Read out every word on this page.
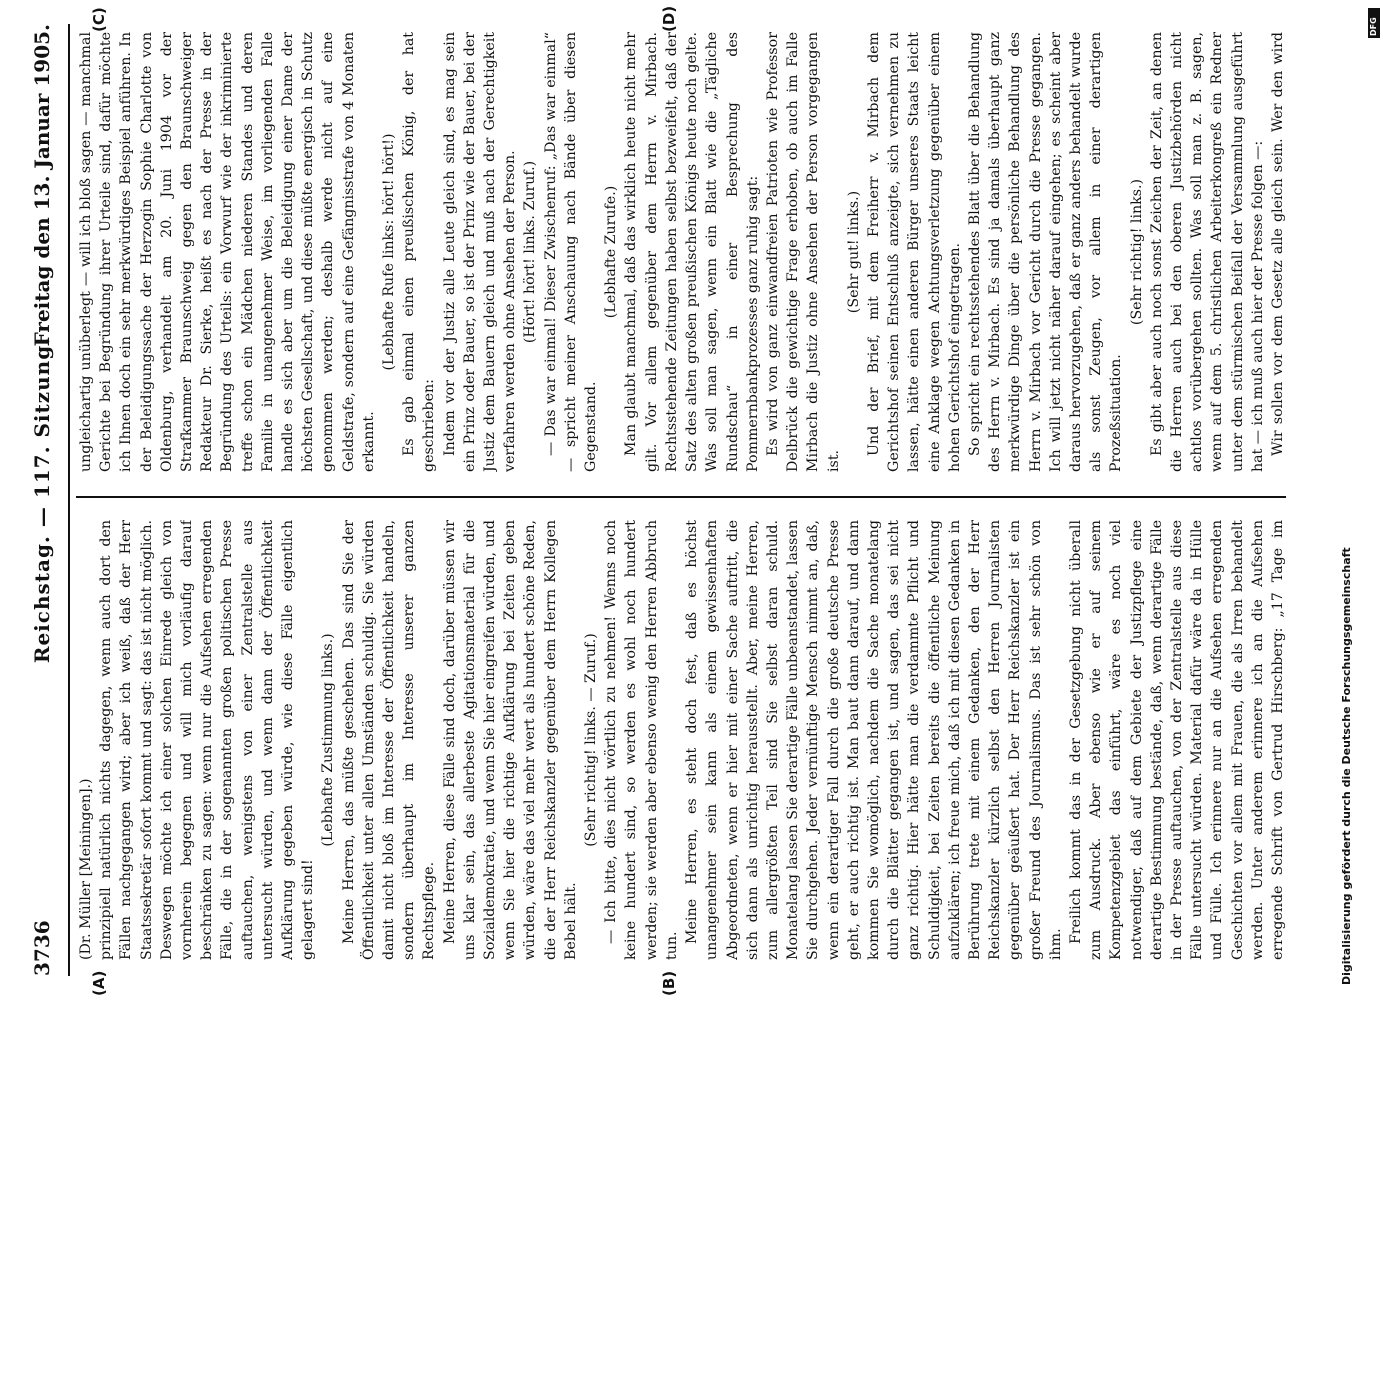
3736
Reichstag. — 117. Sitzung.
Freitag den 13. Januar 1905.

(Dr. Müller [Meiningen].) prinzipiell natürlich nichts dagegen, wenn auch dort den Fällen nachgegangen wird; aber ich weiß, daß der Herr Staatssekretär sofort kommt und sagt: das ist nicht möglich. Deswegen möchte ich einer solchen Einrede gleich von vornherein begegnen und will mich vorläufig darauf beschränken zu sagen: wenn nur die Aufsehen erregenden Fälle, die in der sogenannten großen politischen Presse auftauchen, wenigstens von einer Zentralstelle aus untersucht würden, und wenn dann der Öffentlichkeit Aufklärung gegeben würde, wie diese Fälle eigentlich gelagert sind!

(Lebhafte Zustimmung links.) Meine Herren, das müßte geschehen. Das sind Sie der Öffentlichkeit unter allen Umständen schuldig. Sie würden damit nicht bloß im Interesse der Öffentlichkeit handeln, sondern überhaupt im Interesse unserer ganzen Rechtspflege. Meine Herren, diese Fälle sind doch, darüber müssen wir uns klar sein, das allerbeste Agitationsmaterial für die Sozialdemokratie, und wenn Sie hier eingreifen würden, und wenn Sie hier die richtige Aufklärung bei Zeiten geben würden, wäre das viel mehr wert als hundert schöne Reden, die der Herr Reichskanzler gegenüber dem Herrn Kollegen Bebel hält.

(Sehr richtig! links. — Zuruf.) — Ich bitte, dies nicht wörtlich zu nehmen! Wenns noch keine hundert sind, so werden es wohl noch hundert werden; sie werden aber ebenso wenig den Herren Abbruch tun.

Meine Herren, es steht doch fest, daß es höchst unangenehmer sein kann als einem gewissenhaften Abgeordneten, wenn er hier mit einer Sache auftritt, die sich dann als unrichtig herausstellt. Aber, meine Herren, zum allergrößten Teil sind Sie selbst daran schuld. Monatelang lassen Sie derartige Fälle unbeanstandet, lassen Sie durchgehen. Jeder vernünftige Mensch nimmt an, daß, wenn ein derartiger Fall durch die große deutsche Presse geht, er auch richtig ist. Man baut dann darauf, und dann kommen Sie womöglich, nachdem die Sache monatelang durch die Blätter gegangen ist, und sagen, das sei nicht ganz richtig. Hier hätte man die verdammte Pflicht und Schuldigkeit, bei Zeiten bereits die öffentliche Meinung aufzuklären; ich freue mich, daß ich mit diesen Gedanken in Berührung trete mit einem Gedanken, den der Herr Reichskanzler kürzlich selbst den Herren Journalisten gegenüber geäußert hat. Der Herr Reichskanzler ist ein großer Freund des Journalismus. Das ist sehr schön von ihm.

Freilich kommt das in der Gesetzgebung nicht überall zum Ausdruck. Aber ebenso wie er auf seinem Kompetenzgebiet das einführt, wäre es noch viel notwendiger, daß auf dem Gebiete der Justizpflege eine derartige Bestimmung bestände, daß, wenn derartige Fälle in der Presse auftauchen, von der Zentralstelle aus diese Fälle untersucht würden. Material dafür wäre da in Hülle und Fülle. Ich erinnere nur an die Aufsehen erregenden Geschichten vor allem mit Frauen, die als Irren behandelt werden. Unter anderem erinnere ich an die Aufsehen erregende Schrift von Gertrud Hirschberg: „17 Tage im

ungleichartig unüberlegt — will ich bloß sagen — manchmal Gerichte bei Begründung ihrer Urteile sind, dafür möchte ich Ihnen doch ein sehr merkwürdiges Beispiel anführen. In der Beleidigungssache der Herzogin Sophie Charlotte von Oldenburg, verhandelt am 20. Juni 1904 vor der Strafkammer Braunschweig gegen den Braunschweiger Redakteur Dr. Sierke, heißt es nach der Presse in der Begründung des Urteils: ein Vorwurf wie der inkriminierte treffe schon ein Mädchen niederen Standes und deren Familie in unangenehmer Weise, im vorliegenden Falle handle es sich aber um die Beleidigung einer Dame der höchsten Gesellschaft, und diese müßte energisch in Schutz genommen werden; deshalb werde nicht auf eine Geldstrafe, sondern auf eine Gefängnisstrafe von 4 Monaten erkannt.

(Lebhafte Rufe links: hört! hört!) Es gab einmal einen preußischen König, der hat geschrieben: Indem vor der Justiz alle Leute gleich sind, es mag sein ein Prinz oder Bauer, so ist der Prinz wie der Bauer, bei der Justiz dem Bauern gleich und muß nach der Gerechtigkeit verfahren werden ohne Ansehen der Person. (Hört! hört! links. Zuruf.) — Das war einmal! Dieser Zwischenruf: „Das war einmal“ — spricht meiner Anschauung nach Bände über diesen Gegenstand.

(Lebhafte Zurufe.) Man glaubt manchmal, daß das wirklich heute nicht mehr gilt. Vor allem gegenüber dem Herrn v. Mirbach. Rechtsstehende Zeitungen haben selbst bezweifelt, daß der Satz des alten großen preußischen Königs heute noch gelte. Was soll man sagen, wenn ein Blatt wie die „Tägliche Rundschau“ in einer Besprechung des Pommernbankprozesses ganz ruhig sagt: Es wird von ganz einwandfreien Patrioten wie Professor Delbrück die gewichtige Frage erhoben, ob auch im Falle Mirbach die Justiz ohne Ansehen der Person vorgegangen ist.

(Sehr gut! links.) Und der Brief, mit dem Freiherr v. Mirbach dem Gerichtshof seinen Entschluß anzeigte, sich vernehmen zu lassen, hätte einen anderen Bürger unseres Staats leicht eine Anklage wegen Achtungsverletzung gegenüber einem hohen Gerichtshof eingetragen. So spricht ein rechtsstehendes Blatt über die Behandlung des Herrn v. Mirbach. Es sind ja damals überhaupt ganz merkwürdige Dinge über die persönliche Behandlung des Herrn v. Mirbach vor Gericht durch die Presse gegangen. Ich will jetzt nicht näher darauf eingehen; es scheint aber daraus hervorzugehen, daß er ganz anders behandelt wurde als sonst Zeugen, vor allem in einer derartigen Prozeßsituation.

(Sehr richtig! links.) Es gibt aber auch noch sonst Zeichen der Zeit, an denen die Herren auch bei den oberen Justizbehörden nicht achtlos vorübergehen sollten. Was soll man z. B. sagen, wenn auf dem 5. christlichen Arbeiterkongreß ein Redner unter dem stürmischen Beifall der Versammlung ausgeführt hat — ich muß auch hier der Presse folgen —: Wir sollen vor dem Gesetz alle gleich sein. Wer den wird

(A)	(B)
(C)	(D)
Digitalisierung gefördert durch die Deutsche Forschungsgemeinschaft
DFG
